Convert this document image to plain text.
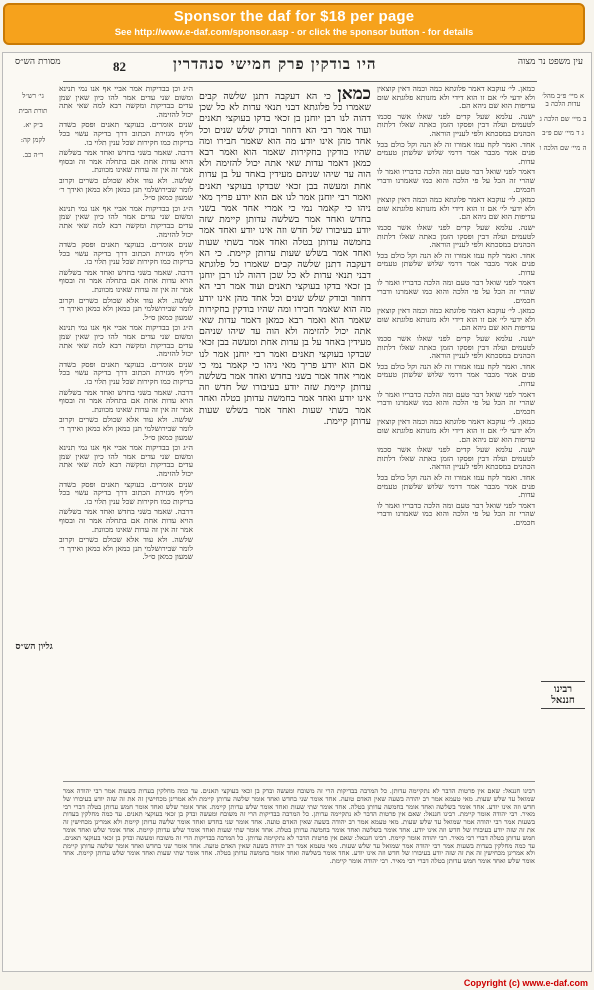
Sponsor the daf for $18 per page
See http://www.e-daf.com/sponsor.asp - or click the sponsor button - for details
היו בודקין פרק חמישי סנהדרין
82	עין משפט נר מצוה
מסורת הש״ס

א מיי׳ פ״ב מהל׳ עדות הלכה ב

ב מיי׳ שם הלכה ג

ג ד מיי׳ שם פ״ב

ה מיי׳ שם הלכה ו

כמאן. לי׳ עוקבא דאמר פלוגתא כמה וכמה דאין קוצאין ולא ידעי לי׳ אם זו הוא דידי ולא מזנותא פלוגתא שום עדיפות הוא שם ניהא הם.

ישנה. עלמא שעל קדים לפני שאלו אשר סכמו לטעמים ועלה דבין ופסקו הזמן כאתה שאלו דלתות הכהנים במסכתא ולפי לעניין הוראה.

אחד. ואמר לקח עמו אמורו זה לא הנה וקל כולם בכל פנים אמר מכבר אמר דרמי שלוש שלשתן טעמים עדות.

דאמר לפני שואל דבר טעם ומה הלכה כדבריו ואמר לו שהרי זה הכל על פי הלכה והוא כמו שאמרנו ודברי חכמים.

כמאן. לי׳ עוקבא דאמר פלוגתא כמה וכמה דאין קוצאין ולא ידעי לי׳ אם זו הוא דידי ולא מזנותא פלוגתא שום עדיפות הוא שם ניהא הם.

ישנה. עלמא שעל קדים לפני שאלו אשר סכמו לטעמים ועלה דבין ופסקו הזמן כאתה שאלו דלתות הכהנים במסכתא ולפי לעניין הוראה.

אחד. ואמר לקח עמו אמורו זה לא הנה וקל כולם בכל פנים אמר מכבר אמר דרמי שלוש שלשתן טעמים עדות.

דאמר לפני שואל דבר טעם ומה הלכה כדבריו ואמר לו שהרי זה הכל על פי הלכה והוא כמו שאמרנו ודברי חכמים.

כמאן. לי׳ עוקבא דאמר פלוגתא כמה וכמה דאין קוצאין ולא ידעי לי׳ אם זו הוא דידי ולא מזנותא פלוגתא שום עדיפות הוא שם ניהא הם.

ישנה. עלמא שעל קדים לפני שאלו אשר סכמו לטעמים ועלה דבין ופסקו הזמן כאתה שאלו דלתות הכהנים במסכתא ולפי לעניין הוראה.

אחד. ואמר לקח עמו אמורו זה לא הנה וקל כולם בכל פנים אמר מכבר אמר דרמי שלוש שלשתן טעמים עדות.

דאמר לפני שואל דבר טעם ומה הלכה כדבריו ואמר לו שהרי זה הכל על פי הלכה והוא כמו שאמרנו ודברי חכמים.

כמאן. לי׳ עוקבא דאמר פלוגתא כמה וכמה דאין קוצאין ולא ידעי לי׳ אם זו הוא דידי ולא מזנותא פלוגתא שום עדיפות הוא שם ניהא הם.

ישנה. עלמא שעל קדים לפני שאלו אשר סכמו לטעמים ועלה דבין ופסקו הזמן כאתה שאלו דלתות הכהנים במסכתא ולפי לעניין הוראה.

אחד. ואמר לקח עמו אמורו זה לא הנה וקל כולם בכל פנים אמר מכבר אמר דרמי שלוש שלשתן טעמים עדות.

דאמר לפני שואל דבר טעם ומה הלכה כדבריו ואמר לו שהרי זה הכל על פי הלכה והוא כמו שאמרנו ודברי חכמים.

כמאן כי הא דעקבה דתנן שלשה קבים שאמרו כל פלוגתא דבני תנאי עדות לא כל שכן דהוה לנו רבן יוחנן בן זכאי בדקו בעוקצי תאנים ועוד אמר רבי הא דחוזר ובודק שלש שנים וכל אחד מהן אינו יודע מה הוא שאמר חבירו ומה שהיו בודקין בחקירות שאמר הוא ואמר רבא כמאן דאמר עדות שאי אתה יכול להזימה ולא הוה עד שיהו שניהם מעידין באחד על בן עדות אחת ומעשה בבן זכאי שבדקו בעוקצי תאנים ואמר רבי יוחנן אמר לנו אם הוא יודע פריך מאי ניהו כי קאמר נמי כי אמרי אחד אמר בשני בחדש ואחד אמר בשלשה עדותן קיימת שזה יודע בעיבורו של חדש וזה אינו יודע ואחד אמר בחמשה עדותן בטלה ואחד אמר בשתי שעות ואחד אמר בשלש שעות עדותן קיימת. כי הא דעקבה דתנן שלשה קבים שאמרו כל פלוגתא דבני תנאי עדות לא כל שכן דהוה לנו רבן יוחנן בן זכאי בדקו בעוקצי תאנים ועוד אמר רבי הא דחוזר ובודק שלש שנים וכל אחד מהן אינו יודע מה הוא שאמר חבירו ומה שהיו בודקין בחקירות שאמר הוא ואמר רבא כמאן דאמר עדות שאי אתה יכול להזימה ולא הוה עד שיהו שניהם מעידין באחד על בן עדות אחת ומעשה בבן זכאי שבדקו בעוקצי תאנים ואמר רבי יוחנן אמר לנו אם הוא יודע פריך מאי ניהו כי קאמר נמי כי אמרי אחד אמר בשני בחדש ואחד אמר בשלשה עדותן קיימת שזה יודע בעיבורו של חדש וזה אינו יודע ואחד אמר בחמשה עדותן בטלה ואחד אמר בשתי שעות ואחד אמר בשלש שעות עדותן קיימת.

ה״ג וכן בבדיקות אמר אביי אף אנו נמי תנינא ומשום שני עדים אמר להו כיון שאין שמן עדים בבדיקות ומקשה רבא למה שאי אתה יכול להזימה.

שנים אומרים. בעוקצי תאנים ופסק בשדה ויליף מגזירת הכתוב דרך בדיקה עשוי בכל בדיקות כמו חקירות שכל ענין תלוי בו.

דרבה. שאמר בשני בחדש ואחד אמר בשלשה הויא עדות אחת אם בתחלה אמר זה ובסוף אמר זה אין זה עדות שאינו מכוונת.

שלשה. ולא עוד אלא שכולם כשרים וקרוב לומר שבירושלמי תנן כמאן ולא כמאן ואידך ר׳ שמעון כמאן ס״ל.

ה״ג וכן בבדיקות אמר אביי אף אנו נמי תנינא ומשום שני עדים אמר להו כיון שאין שמן עדים בבדיקות ומקשה רבא למה שאי אתה יכול להזימה.

שנים אומרים. בעוקצי תאנים ופסק בשדה ויליף מגזירת הכתוב דרך בדיקה עשוי בכל בדיקות כמו חקירות שכל ענין תלוי בו.

דרבה. שאמר בשני בחדש ואחד אמר בשלשה הויא עדות אחת אם בתחלה אמר זה ובסוף אמר זה אין זה עדות שאינו מכוונת.

שלשה. ולא עוד אלא שכולם כשרים וקרוב לומר שבירושלמי תנן כמאן ולא כמאן ואידך ר׳ שמעון כמאן ס״ל.

ה״ג וכן בבדיקות אמר אביי אף אנו נמי תנינא ומשום שני עדים אמר להו כיון שאין שמן עדים בבדיקות ומקשה רבא למה שאי אתה יכול להזימה.

שנים אומרים. בעוקצי תאנים ופסק בשדה ויליף מגזירת הכתוב דרך בדיקה עשוי בכל בדיקות כמו חקירות שכל ענין תלוי בו.

דרבה. שאמר בשני בחדש ואחד אמר בשלשה הויא עדות אחת אם בתחלה אמר זה ובסוף אמר זה אין זה עדות שאינו מכוונת.

שלשה. ולא עוד אלא שכולם כשרים וקרוב לומר שבירושלמי תנן כמאן ולא כמאן ואידך ר׳ שמעון כמאן ס״ל.

ה״ג וכן בבדיקות אמר אביי אף אנו נמי תנינא ומשום שני עדים אמר להו כיון שאין שמן עדים בבדיקות ומקשה רבא למה שאי אתה יכול להזימה.

שנים אומרים. בעוקצי תאנים ופסק בשדה ויליף מגזירת הכתוב דרך בדיקה עשוי בכל בדיקות כמו חקירות שכל ענין תלוי בו.

דרבה. שאמר בשני בחדש ואחד אמר בשלשה הויא עדות אחת אם בתחלה אמר זה ובסוף אמר זה אין זה עדות שאינו מכוונת.

שלשה. ולא עוד אלא שכולם כשרים וקרוב לומר שבירושלמי תנן כמאן ולא כמאן ואידך ר׳ שמעון כמאן ס״ל.

גי׳ רש״ל

תורת הבית

ב״ק יא.

לקמן קה:

ר״ה כב.

גליון הש״ס
רבינו חננאל
רבינו חננאל: שאם אין פרטות הדבר לא נתקיימה עדותן. כל המרבה בבדיקות הרי זה משובח ומעשה ובדק בן זכאי בעוקצי תאנים. עד כמה מחלקין בעדות בשעות אמר רבי יהודה אמר שמואל עד שלש שעות. מאי טעמא אמר רב יהודה בשעה שאין האדם טועה. אחד אומר שני בחדש ואחד אומר שלשה עדותן קיימת ולא אמרינן מכחישין זה את זה שזה יודע בעיבורו של חדש וזה אינו יודע. אחד אומר בשלשה ואחד אומר בחמשה עדותן בטלה. אחד אומר שתי שעות ואחד אומר שלש עדותן קיימת. אחד אומר שלש ואחד אומר חמש עדותן בטלה דברי רבי מאיר. רבי יהודה אומר קיימת. רבינו חננאל: שאם אין פרטות הדבר לא נתקיימה עדותן. כל המרבה בבדיקות הרי זה משובח ומעשה ובדק בן זכאי בעוקצי תאנים. עד כמה מחלקין בעדות בשעות אמר רבי יהודה אמר שמואל עד שלש שעות. מאי טעמא אמר רב יהודה בשעה שאין האדם טועה. אחד אומר שני בחדש ואחד אומר שלשה עדותן קיימת ולא אמרינן מכחישין זה את זה שזה יודע בעיבורו של חדש וזה אינו יודע. אחד אומר בשלשה ואחד אומר בחמשה עדותן בטלה. אחד אומר שתי שעות ואחד אומר שלש עדותן קיימת. אחד אומר שלש ואחד אומר חמש עדותן בטלה דברי רבי מאיר. רבי יהודה אומר קיימת. רבינו חננאל: שאם אין פרטות הדבר לא נתקיימה עדותן. כל המרבה בבדיקות הרי זה משובח ומעשה ובדק בן זכאי בעוקצי תאנים. עד כמה מחלקין בעדות בשעות אמר רבי יהודה אמר שמואל עד שלש שעות. מאי טעמא אמר רב יהודה בשעה שאין האדם טועה. אחד אומר שני בחדש ואחד אומר שלשה עדותן קיימת ולא אמרינן מכחישין זה את זה שזה יודע בעיבורו של חדש וזה אינו יודע. אחד אומר בשלשה ואחד אומר בחמשה עדותן בטלה. אחד אומר שתי שעות ואחד אומר שלש עדותן קיימת. אחד אומר שלש ואחד אומר חמש עדותן בטלה דברי רבי מאיר. רבי יהודה אומר קיימת.
Copyright (c) www.e-daf.com
